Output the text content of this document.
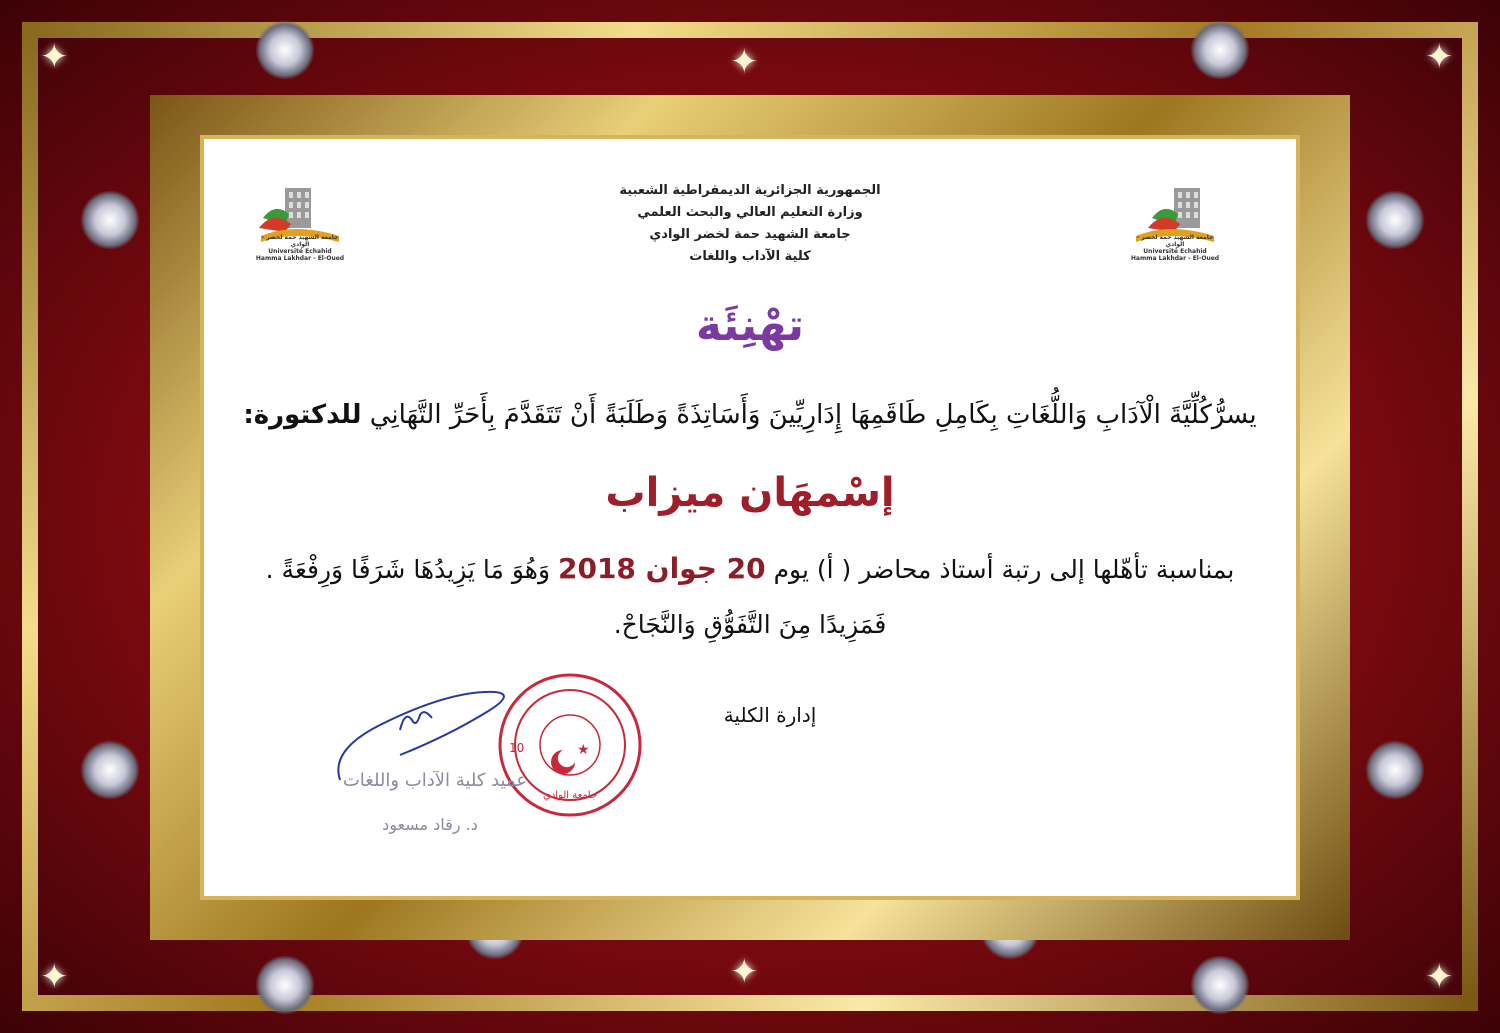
✦	✦
✦	✦
✦
✦
جامعة الشهيد حمة لخضر - الوادي
Université Echahid Hamma Lakhdar - El-Oued
جامعة الشهيد حمة لخضر - الوادي
Université Echahid Hamma Lakhdar - El-Oued
الجمهورية الجزائرية الديمقراطية الشعبية
وزارة التعليم العالي والبحث العلمي
جامعة الشهيد حمة لخضر الوادي
كلية الآداب واللغات
تهْنِئَة
يسرُّكُلِّيَّةَ الْآدَابِ وَاللُّغَاتِ بِكَامِلِ طَاقَمِهَا إِدَارِيِّينَ وَأَسَاتِذَةً وَطَلَبَةً أَنْ تَتَقَدَّمَ بِأَحَرِّ التَّهَانِي للدكتورة:
إسْمهَان ميزاب
بمناسبة تأهّلها إلى رتبة أستاذ محاضر ( أ) يوم 20 جوان 2018 وَهُوَ مَا يَزِيدُهَا شَرَفًا وَرِفْعَةً .
فَمَزِيدًا مِنَ التَّفَوُّقِ وَالنَّجَاحْ.
إدارة الكلية
★
10
جامعة الوادي
عميد كلية الآداب واللغات
د. رقاد مسعود
